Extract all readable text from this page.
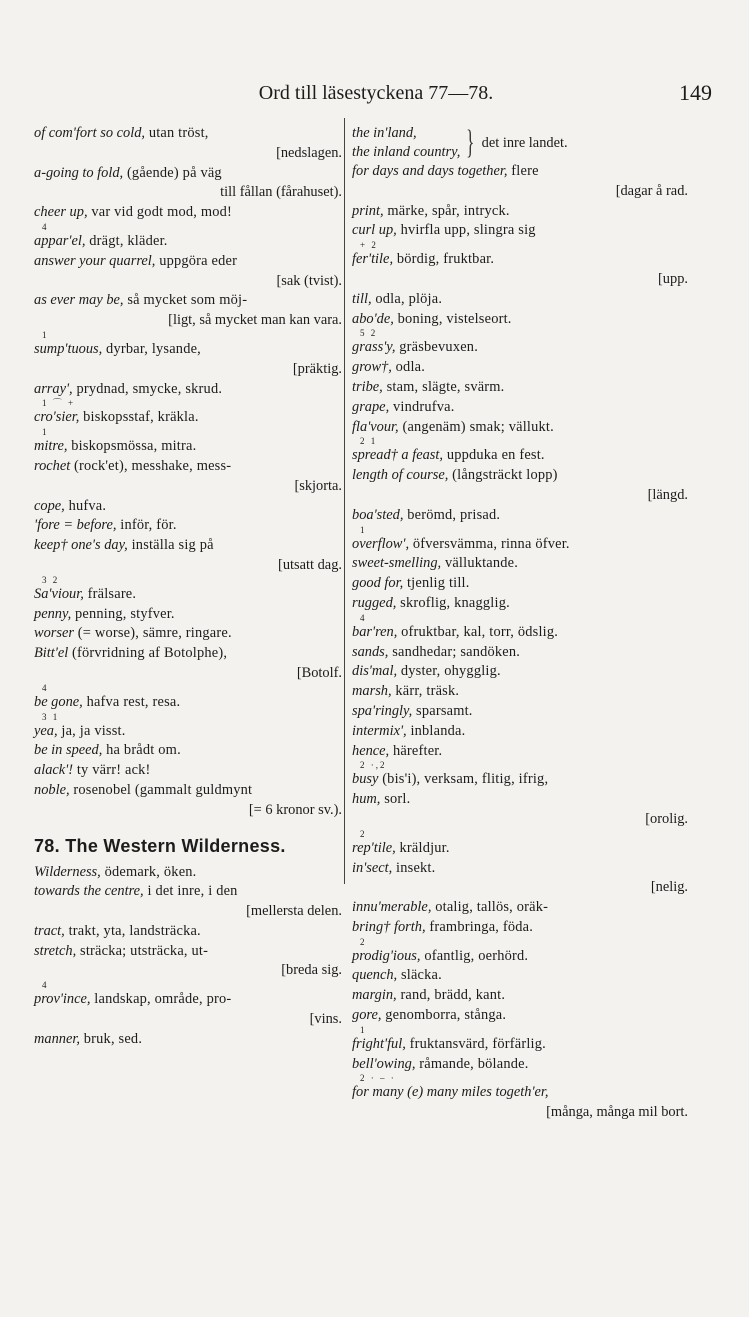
Ord till läsestyckena 77—78.	149
of com'fort so cold, utan tröst,
[nedslagen.
a-going to fold, (gående) på väg
till fållan (fårahuset).
cheer up, var vid godt mod, mod!
4
appar'el, drägt, kläder.
answer your quarrel, uppgöra eder
[sak (tvist).
as ever may be, så mycket som möj-
[ligt, så mycket man kan vara.
1
sump'tuous, dyrbar, lysande,
[präktig.
array', prydnad, smycke, skrud.
1 ⌒ +
cro'sier, biskopsstaf, kräkla.
1
mitre, biskopsmössa, mitra.
rochet (rock'et), messhake, mess-
[skjorta.
cope, hufva.
'fore = before, inför, för.
keep† one's day, inställa sig på
[utsatt dag.
3 2
Sa'viour, frälsare.
penny, penning, styfver.
worser (= worse), sämre, ringare.
Bitt'el (förvridning af Botolphe),
[Botolf.
4
be gone, hafva rest, resa.
3 1
yea, ja, ja visst.
be in speed, ha brådt om.
alack'! ty värr! ack!
noble, rosenobel (gammalt guldmynt
[= 6 kronor sv.).
78. The Western Wilderness.
Wilderness, ödemark, öken.
towards the centre, i det inre, i den
[mellersta delen.
tract, trakt, yta, landsträcka.
stretch, sträcka; utsträcka, ut-
[breda sig.
4
prov'ince, landskap, område, pro-
[vins.
manner, bruk, sed.
the in'land,
the inland country, } det inre landet.
for days and days together, flere
[dagar å rad.
print, märke, spår, intryck.
curl up, hvirfla upp, slingra sig
+ 2
fer'tile, bördig, fruktbar.
[upp.
till, odla, plöja.
abo'de, boning, vistelseort.
5 2
grass'y, gräsbevuxen.
grow†, odla.
tribe, stam, slägte, svärm.
grape, vindrufva.
fla'vour, (angenäm) smak; vällukt.
2 1
spread† a feast, uppduka en fest.
length of course, (långsträckt lopp)
[längd.
boa'sted, berömd, prisad.
1
overflow', öfversvämma, rinna öfver.
sweet-smelling, välluktande.
good for, tjenlig till.
rugged, skroflig, knagglig.
4
bar'ren, ofruktbar, kal, torr, ödslig.
sands, sandhedar; sandöken.
dis'mal, dyster, ohygglig.
marsh, kärr, träsk.
spa'ringly, sparsamt.
intermix', inblanda.
hence, härefter.
2 ·,2
busy (bis'i), verksam, flitig, ifrig,
hum, sorl.
[orolig.
2
rep'tile, kräldjur.
in'sect, insekt.
[nelig.
innu'merable, otalig, tallös, oräk-
bring† forth, frambringa, föda.
2
prodig'ious, ofantlig, oerhörd.
quench, släcka.
margin, rand, brädd, kant.
gore, genomborra, stånga.
1
fright'ful, fruktansvärd, förfärlig.
bell'owing, råmande, bölande.
2 · – ·
for many (e) many miles togeth'er,
[många, många mil bort.
